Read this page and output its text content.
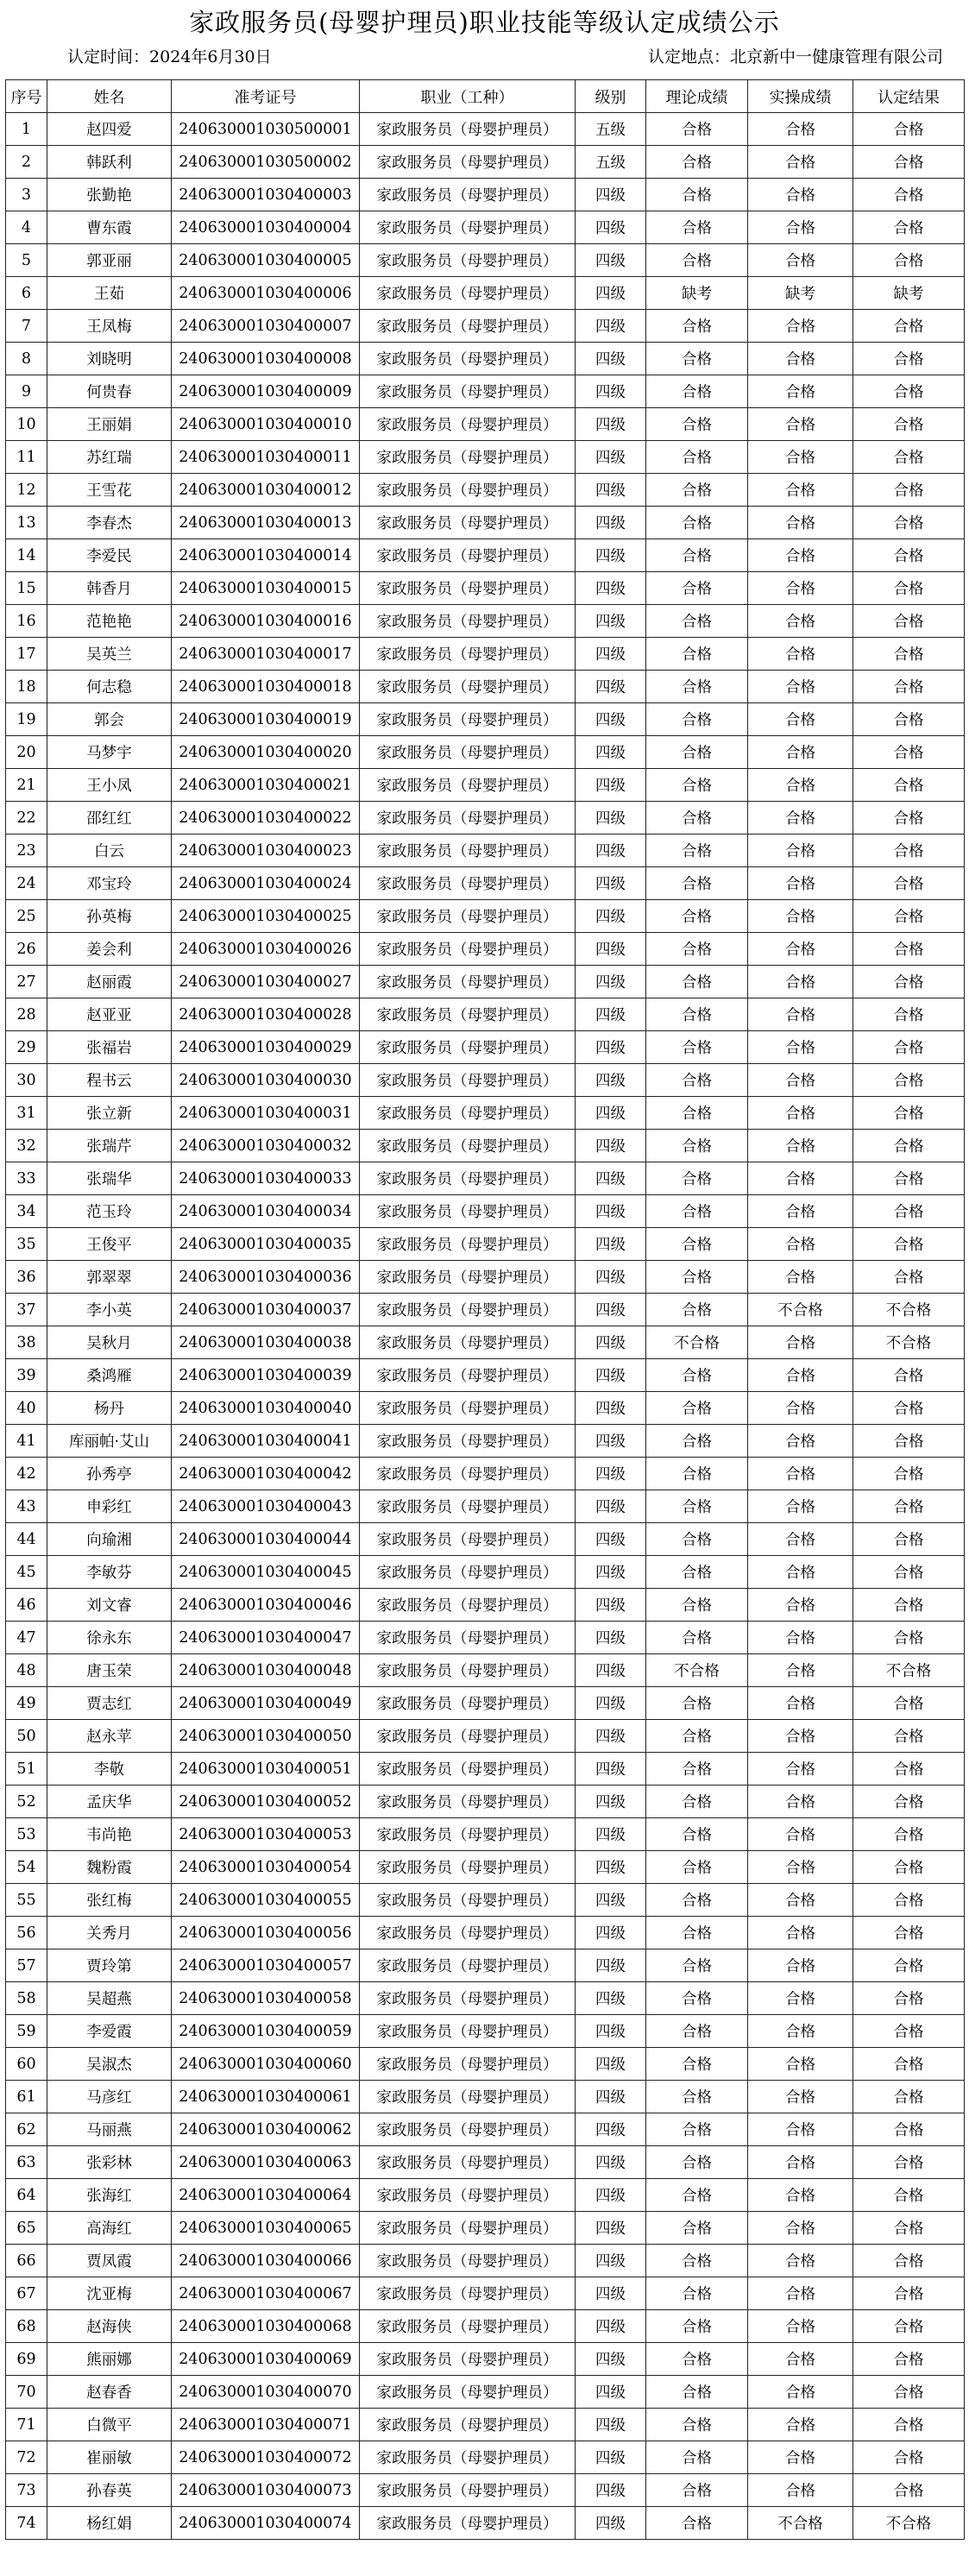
家政服务员(母婴护理员)职业技能等级认定成绩公示
认定时间：2024年6月30日	认定地点：北京新中一健康管理有限公司
序号	姓名	准考证号	职业（工种）	级别	理论成绩	实操成绩	认定结果
1	赵四爱	240630001030500001	家政服务员（母婴护理员）	五级	合格	合格	合格
2	韩跃利	240630001030500002	家政服务员（母婴护理员）	五级	合格	合格	合格
3	张勤艳	240630001030400003	家政服务员（母婴护理员）	四级	合格	合格	合格
4	曹东霞	240630001030400004	家政服务员（母婴护理员）	四级	合格	合格	合格
5	郭亚丽	240630001030400005	家政服务员（母婴护理员）	四级	合格	合格	合格
6	王茹	240630001030400006	家政服务员（母婴护理员）	四级	缺考	缺考	缺考
7	王凤梅	240630001030400007	家政服务员（母婴护理员）	四级	合格	合格	合格
8	刘晓明	240630001030400008	家政服务员（母婴护理员）	四级	合格	合格	合格
9	何贵春	240630001030400009	家政服务员（母婴护理员）	四级	合格	合格	合格
10	王丽娟	240630001030400010	家政服务员（母婴护理员）	四级	合格	合格	合格
11	苏红瑞	240630001030400011	家政服务员（母婴护理员）	四级	合格	合格	合格
12	王雪花	240630001030400012	家政服务员（母婴护理员）	四级	合格	合格	合格
13	李春杰	240630001030400013	家政服务员（母婴护理员）	四级	合格	合格	合格
14	李爱民	240630001030400014	家政服务员（母婴护理员）	四级	合格	合格	合格
15	韩香月	240630001030400015	家政服务员（母婴护理员）	四级	合格	合格	合格
16	范艳艳	240630001030400016	家政服务员（母婴护理员）	四级	合格	合格	合格
17	吴英兰	240630001030400017	家政服务员（母婴护理员）	四级	合格	合格	合格
18	何志稳	240630001030400018	家政服务员（母婴护理员）	四级	合格	合格	合格
19	郭会	240630001030400019	家政服务员（母婴护理员）	四级	合格	合格	合格
20	马梦宇	240630001030400020	家政服务员（母婴护理员）	四级	合格	合格	合格
21	王小凤	240630001030400021	家政服务员（母婴护理员）	四级	合格	合格	合格
22	邵红红	240630001030400022	家政服务员（母婴护理员）	四级	合格	合格	合格
23	白云	240630001030400023	家政服务员（母婴护理员）	四级	合格	合格	合格
24	邓宝玲	240630001030400024	家政服务员（母婴护理员）	四级	合格	合格	合格
25	孙英梅	240630001030400025	家政服务员（母婴护理员）	四级	合格	合格	合格
26	姜会利	240630001030400026	家政服务员（母婴护理员）	四级	合格	合格	合格
27	赵丽霞	240630001030400027	家政服务员（母婴护理员）	四级	合格	合格	合格
28	赵亚亚	240630001030400028	家政服务员（母婴护理员）	四级	合格	合格	合格
29	张福岩	240630001030400029	家政服务员（母婴护理员）	四级	合格	合格	合格
30	程书云	240630001030400030	家政服务员（母婴护理员）	四级	合格	合格	合格
31	张立新	240630001030400031	家政服务员（母婴护理员）	四级	合格	合格	合格
32	张瑞芹	240630001030400032	家政服务员（母婴护理员）	四级	合格	合格	合格
33	张瑞华	240630001030400033	家政服务员（母婴护理员）	四级	合格	合格	合格
34	范玉玲	240630001030400034	家政服务员（母婴护理员）	四级	合格	合格	合格
35	王俊平	240630001030400035	家政服务员（母婴护理员）	四级	合格	合格	合格
36	郭翠翠	240630001030400036	家政服务员（母婴护理员）	四级	合格	合格	合格
37	李小英	240630001030400037	家政服务员（母婴护理员）	四级	合格	不合格	不合格
38	吴秋月	240630001030400038	家政服务员（母婴护理员）	四级	不合格	合格	不合格
39	桑鸿雁	240630001030400039	家政服务员（母婴护理员）	四级	合格	合格	合格
40	杨丹	240630001030400040	家政服务员（母婴护理员）	四级	合格	合格	合格
41	库丽帕·艾山	240630001030400041	家政服务员（母婴护理员）	四级	合格	合格	合格
42	孙秀亭	240630001030400042	家政服务员（母婴护理员）	四级	合格	合格	合格
43	申彩红	240630001030400043	家政服务员（母婴护理员）	四级	合格	合格	合格
44	向瑜湘	240630001030400044	家政服务员（母婴护理员）	四级	合格	合格	合格
45	李敏芬	240630001030400045	家政服务员（母婴护理员）	四级	合格	合格	合格
46	刘文睿	240630001030400046	家政服务员（母婴护理员）	四级	合格	合格	合格
47	徐永东	240630001030400047	家政服务员（母婴护理员）	四级	合格	合格	合格
48	唐玉荣	240630001030400048	家政服务员（母婴护理员）	四级	不合格	合格	不合格
49	贾志红	240630001030400049	家政服务员（母婴护理员）	四级	合格	合格	合格
50	赵永苹	240630001030400050	家政服务员（母婴护理员）	四级	合格	合格	合格
51	李敬	240630001030400051	家政服务员（母婴护理员）	四级	合格	合格	合格
52	孟庆华	240630001030400052	家政服务员（母婴护理员）	四级	合格	合格	合格
53	韦尚艳	240630001030400053	家政服务员（母婴护理员）	四级	合格	合格	合格
54	魏粉霞	240630001030400054	家政服务员（母婴护理员）	四级	合格	合格	合格
55	张红梅	240630001030400055	家政服务员（母婴护理员）	四级	合格	合格	合格
56	关秀月	240630001030400056	家政服务员（母婴护理员）	四级	合格	合格	合格
57	贾玲第	240630001030400057	家政服务员（母婴护理员）	四级	合格	合格	合格
58	吴超燕	240630001030400058	家政服务员（母婴护理员）	四级	合格	合格	合格
59	李爱霞	240630001030400059	家政服务员（母婴护理员）	四级	合格	合格	合格
60	吴淑杰	240630001030400060	家政服务员（母婴护理员）	四级	合格	合格	合格
61	马彦红	240630001030400061	家政服务员（母婴护理员）	四级	合格	合格	合格
62	马丽燕	240630001030400062	家政服务员（母婴护理员）	四级	合格	合格	合格
63	张彩林	240630001030400063	家政服务员（母婴护理员）	四级	合格	合格	合格
64	张海红	240630001030400064	家政服务员（母婴护理员）	四级	合格	合格	合格
65	高海红	240630001030400065	家政服务员（母婴护理员）	四级	合格	合格	合格
66	贾凤霞	240630001030400066	家政服务员（母婴护理员）	四级	合格	合格	合格
67	沈亚梅	240630001030400067	家政服务员（母婴护理员）	四级	合格	合格	合格
68	赵海侠	240630001030400068	家政服务员（母婴护理员）	四级	合格	合格	合格
69	熊丽娜	240630001030400069	家政服务员（母婴护理员）	四级	合格	合格	合格
70	赵春香	240630001030400070	家政服务员（母婴护理员）	四级	合格	合格	合格
71	白微平	240630001030400071	家政服务员（母婴护理员）	四级	合格	合格	合格
72	崔丽敏	240630001030400072	家政服务员（母婴护理员）	四级	合格	合格	合格
73	孙春英	240630001030400073	家政服务员（母婴护理员）	四级	合格	合格	合格
74	杨红娟	240630001030400074	家政服务员（母婴护理员）	四级	合格	不合格	不合格
